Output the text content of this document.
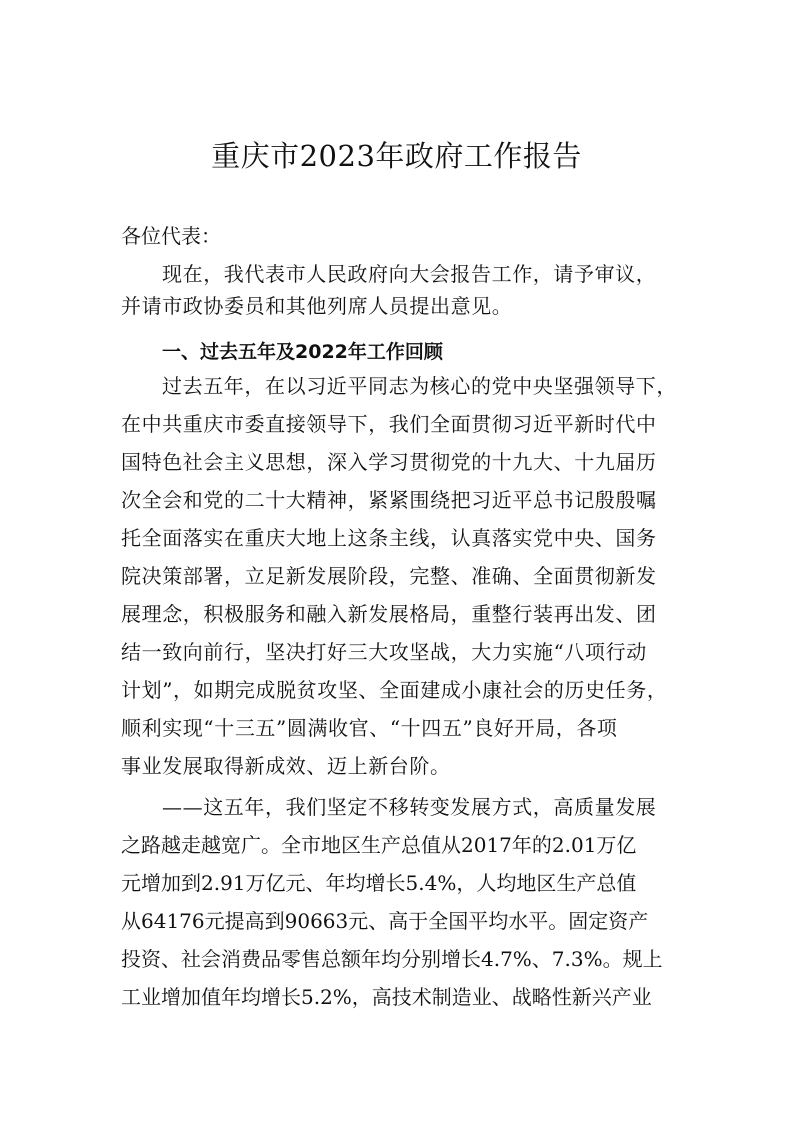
重庆市2023年政府工作报告
各位代表：
现在，我代表市人民政府向大会报告工作，请予审议，
并请市政协委员和其他列席人员提出意见。
一、过去五年及2022年工作回顾
过去五年，在以习近平同志为核心的党中央坚强领导下，
在中共重庆市委直接领导下，我们全面贯彻习近平新时代中
国特色社会主义思想，深入学习贯彻党的十九大、十九届历
次全会和党的二十大精神，紧紧围绕把习近平总书记殷殷嘱
托全面落实在重庆大地上这条主线，认真落实党中央、国务
院决策部署，立足新发展阶段，完整、准确、全面贯彻新发
展理念，积极服务和融入新发展格局，重整行装再出发、团
结一致向前行，坚决打好三大攻坚战，大力实施“八项行动
计划”，如期完成脱贫攻坚、全面建成小康社会的历史任务，
顺利实现“十三五”圆满收官、“十四五”良好开局，各项
事业发展取得新成效、迈上新台阶。
——这五年，我们坚定不移转变发展方式，高质量发展
之路越走越宽广。全市地区生产总值从2017年的2.01万亿
元增加到2.91万亿元、年均增长5.4%，人均地区生产总值
从64176元提高到90663元、高于全国平均水平。固定资产
投资、社会消费品零售总额年均分别增长4.7%、7.3%。规上
工业增加值年均增长5.2%，高技术制造业、战略性新兴产业
